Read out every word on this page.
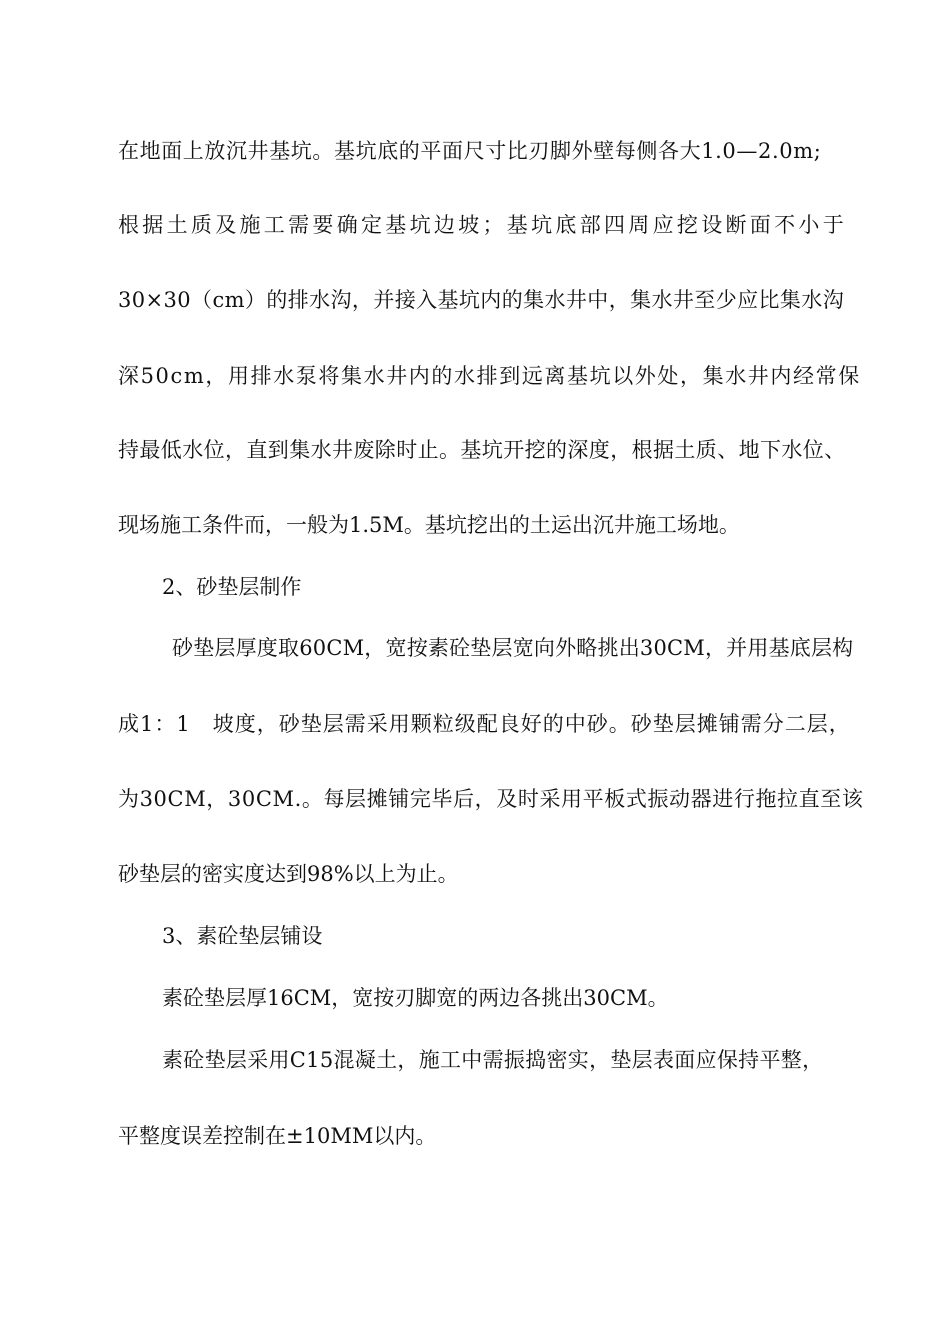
在地面上放沉井基坑。基坑底的平面尺寸比刃脚外壁每侧各大1.0—2.0m;
根据土质及施工需要确定基坑边坡；基坑底部四周应挖设断面不小于
30×30（cm）的排水沟，并接入基坑内的集水井中，集水井至少应比集水沟
深50cm，用排水泵将集水井内的水排到远离基坑以外处，集水井内经常保
持最低水位，直到集水井废除时止。基坑开挖的深度，根据土质、地下水位、
现场施工条件而，一般为1.5M。基坑挖出的土运出沉井施工场地。
2、砂垫层制作
砂垫层厚度取60CM，宽按素砼垫层宽向外略挑出30CM，并用基底层构
成1：1　坡度，砂垫层需采用颗粒级配良好的中砂。砂垫层摊铺需分二层，
为30CM，30CM.。每层摊铺完毕后，及时采用平板式振动器进行拖拉直至该
砂垫层的密实度达到98%以上为止。
3、素砼垫层铺设
素砼垫层厚16CM，宽按刃脚宽的两边各挑出30CM。
素砼垫层采用C15混凝土，施工中需振捣密实，垫层表面应保持平整，
平整度误差控制在±10MM以内。
